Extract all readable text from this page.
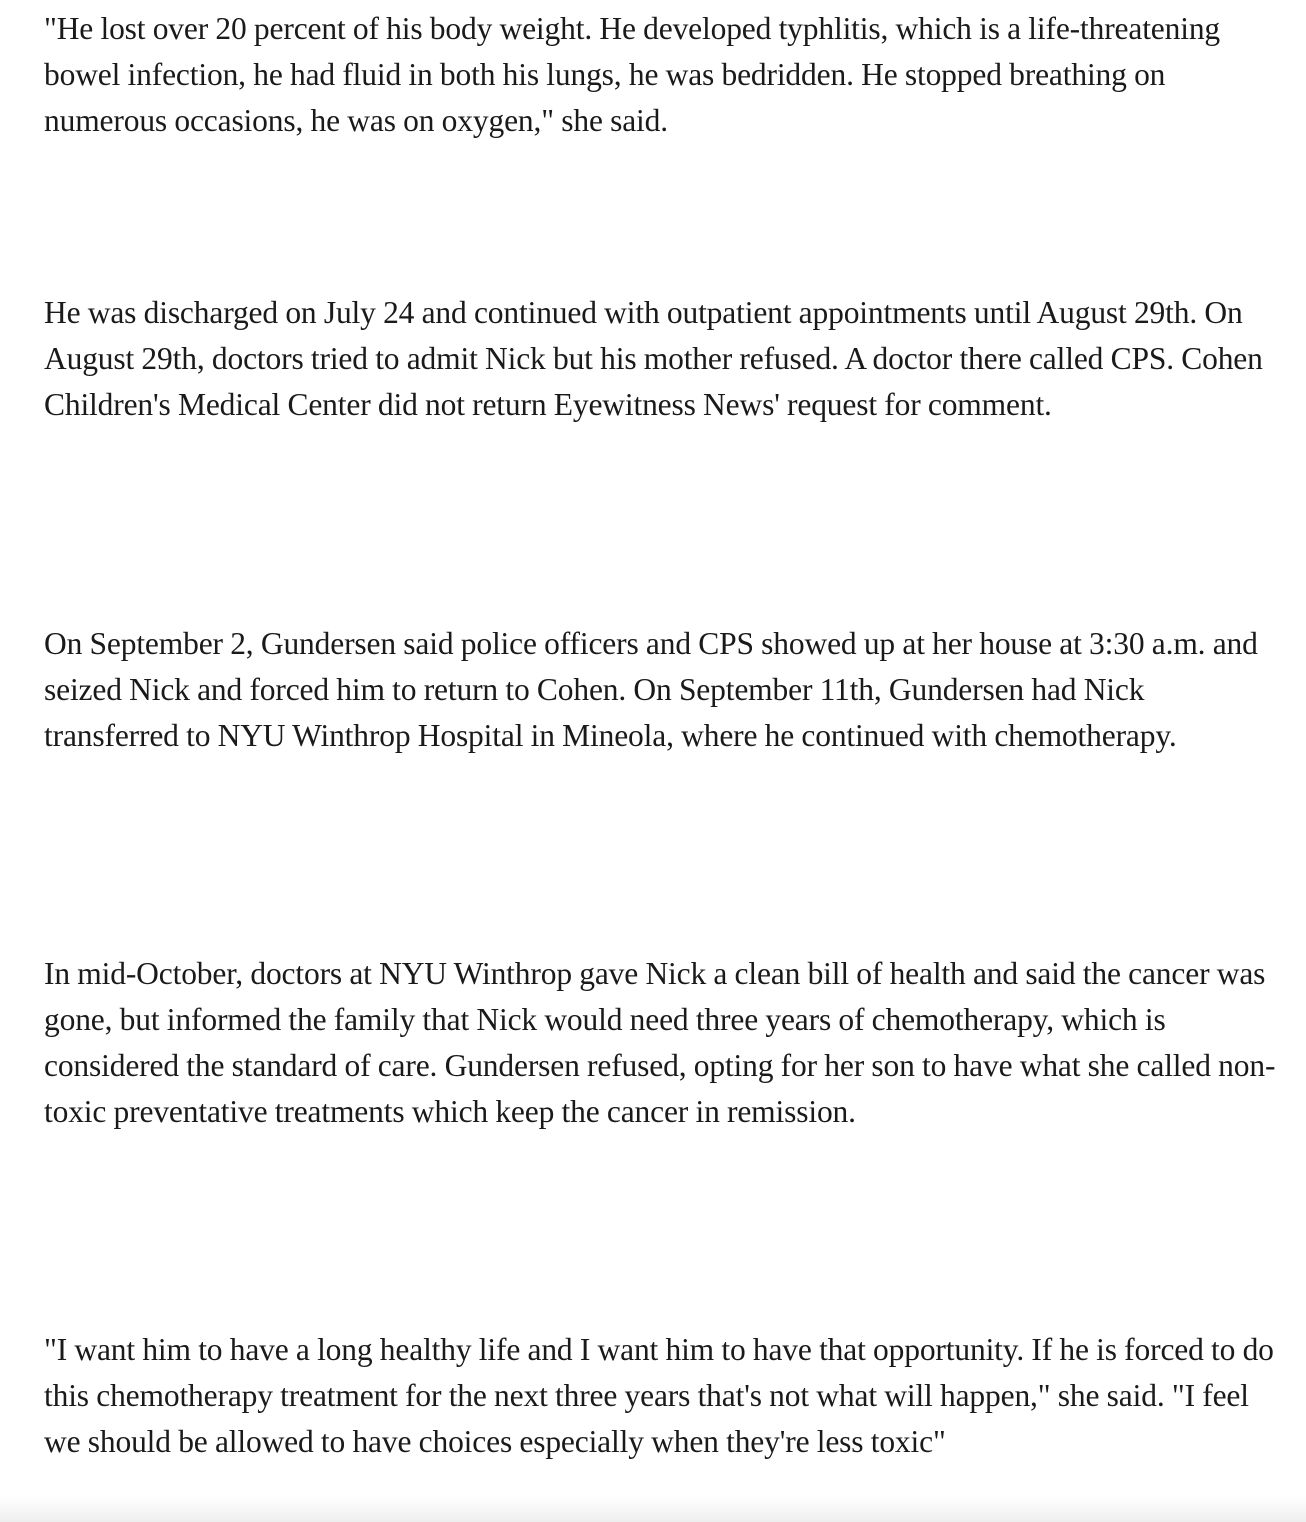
"He lost over 20 percent of his body weight. He developed typhlitis, which is a life-threatening bowel infection, he had fluid in both his lungs, he was bedridden. He stopped breathing on numerous occasions, he was on oxygen," she said.

He was discharged on July 24 and continued with outpatient appointments until August 29th. On August 29th, doctors tried to admit Nick but his mother refused. A doctor there called CPS. Cohen Children's Medical Center did not return Eyewitness News' request for comment.

On September 2, Gundersen said police officers and CPS showed up at her house at 3:30 a.m. and seized Nick and forced him to return to Cohen. On September 11th, Gundersen had Nick transferred to NYU Winthrop Hospital in Mineola, where he continued with chemotherapy.

In mid-October, doctors at NYU Winthrop gave Nick a clean bill of health and said the cancer was gone, but informed the family that Nick would need three years of chemotherapy, which is considered the standard of care. Gundersen refused, opting for her son to have what she called non-toxic preventative treatments which keep the cancer in remission.

"I want him to have a long healthy life and I want him to have that opportunity. If he is forced to do this chemotherapy treatment for the next three years that's not what will happen," she said. "I feel we should be allowed to have choices especially when they're less toxic"
